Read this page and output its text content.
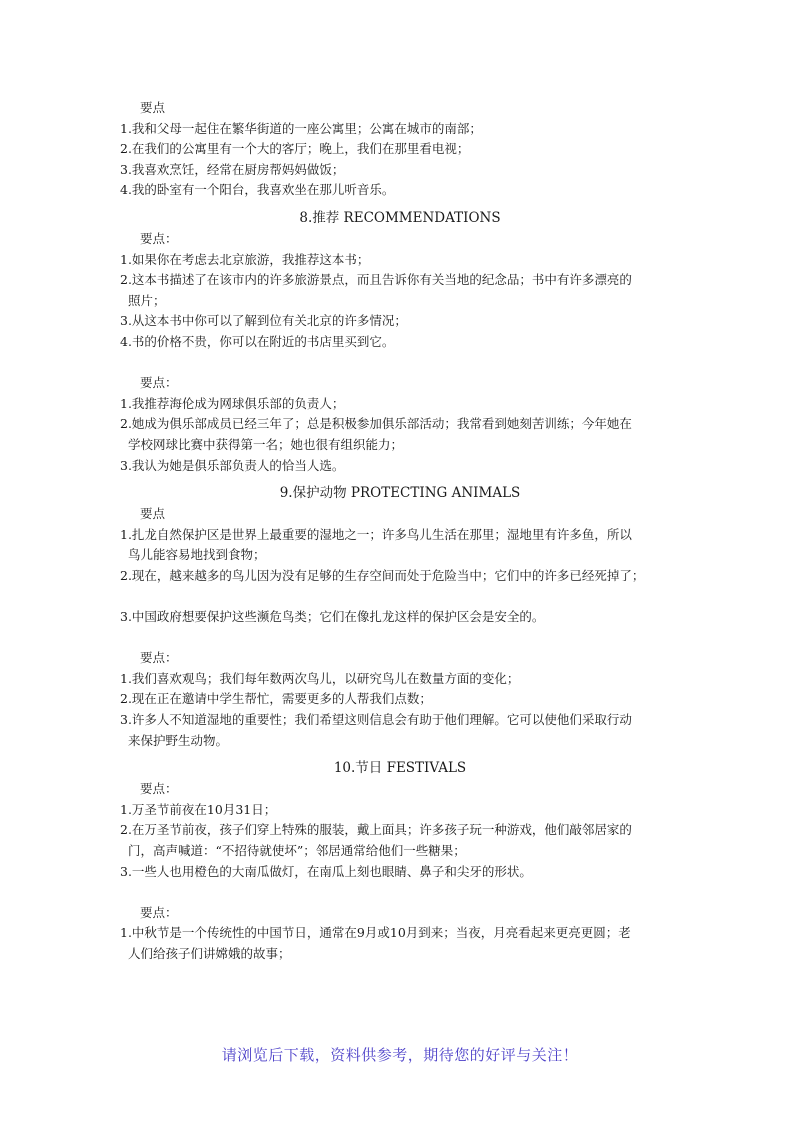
要点
1.我和父母一起住在繁华街道的一座公寓里；公寓在城市的南部；
2.在我们的公寓里有一个大的客厅；晚上，我们在那里看电视；
3.我喜欢烹饪，经常在厨房帮妈妈做饭；
4.我的卧室有一个阳台，我喜欢坐在那儿听音乐。
8.推荐 RECOMMENDATIONS
要点：
1.如果你在考虑去北京旅游，我推荐这本书；
2.这本书描述了在该市内的许多旅游景点，而且告诉你有关当地的纪念品；书中有许多漂亮的
照片；
3.从这本书中你可以了解到位有关北京的许多情况；
4.书的价格不贵，你可以在附近的书店里买到它。
要点：
1.我推荐海伦成为网球俱乐部的负责人；
2.她成为俱乐部成员已经三年了；总是积极参加俱乐部活动；我常看到她刻苦训练；今年她在
学校网球比赛中获得第一名；她也很有组织能力；
3.我认为她是俱乐部负责人的恰当人选。
9.保护动物 PROTECTING ANIMALS
要点
1.扎龙自然保护区是世界上最重要的湿地之一；许多鸟儿生活在那里；湿地里有许多鱼，所以
鸟儿能容易地找到食物；
2.现在，越来越多的鸟儿因为没有足够的生存空间而处于危险当中；它们中的许多已经死掉了；
3.中国政府想要保护这些濒危鸟类；它们在像扎龙这样的保护区会是安全的。
要点：
1.我们喜欢观鸟；我们每年数两次鸟儿，以研究鸟儿在数量方面的变化；
2.现在正在邀请中学生帮忙，需要更多的人帮我们点数；
3.许多人不知道湿地的重要性；我们希望这则信息会有助于他们理解。它可以使他们采取行动
来保护野生动物。
10.节日 FESTIVALS
要点：
1.万圣节前夜在10月31日；
2.在万圣节前夜，孩子们穿上特殊的服装，戴上面具；许多孩子玩一种游戏，他们敲邻居家的
门，高声喊道：“不招待就使坏”；邻居通常给他们一些糖果；
3.一些人也用橙色的大南瓜做灯，在南瓜上刻也眼睛、鼻子和尖牙的形状。
要点：
1.中秋节是一个传统性的中国节日，通常在9月或10月到来；当夜，月亮看起来更亮更圆；老
人们给孩子们讲嫦娥的故事；
请浏览后下载，资料供参考，期待您的好评与关注！
